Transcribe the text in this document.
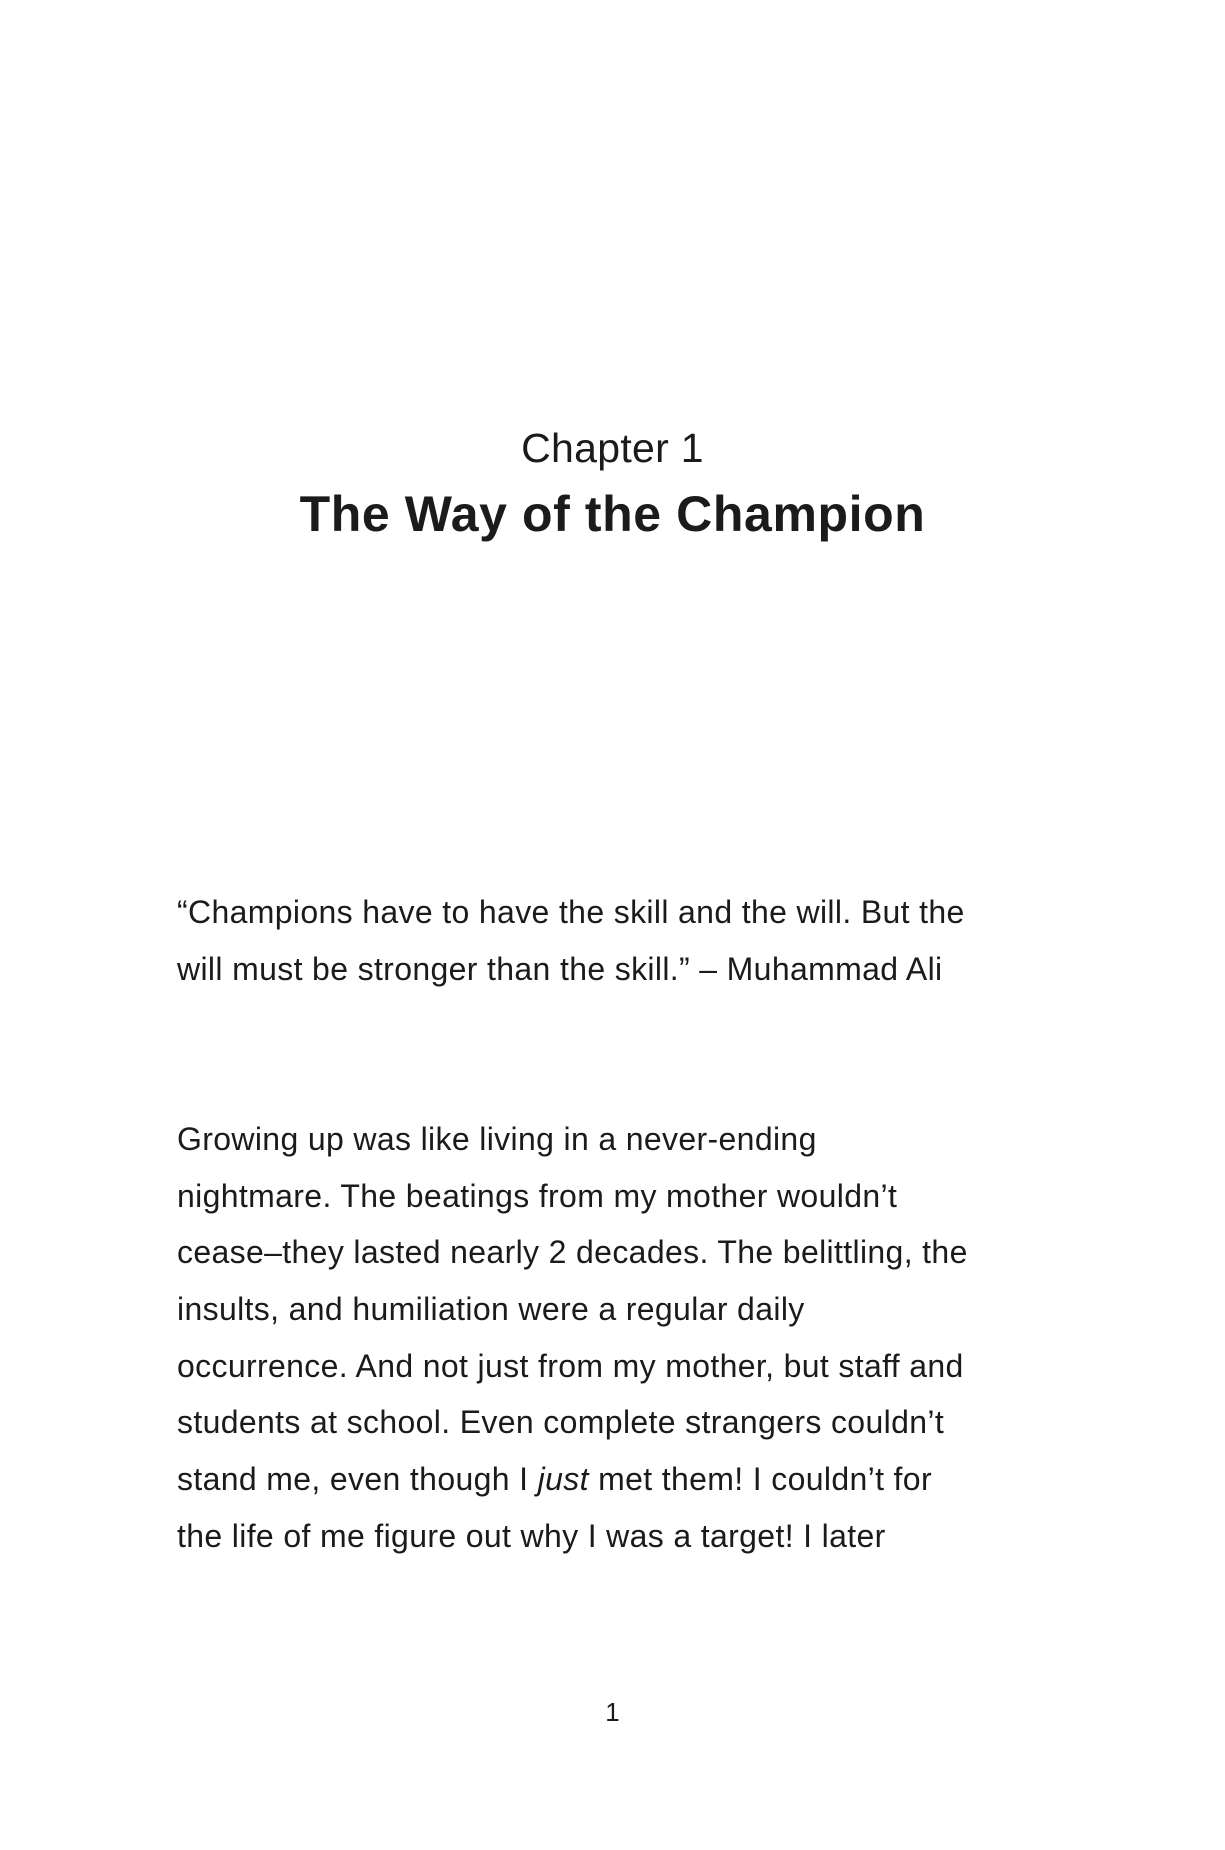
Chapter 1
The Way of the Champion
“Champions have to have the skill and the will. But the
will must be stronger than the skill.” – Muhammad Ali
Growing up was like living in a never-ending
nightmare. The beatings from my mother wouldn’t
cease–they lasted nearly 2 decades. The belittling, the
insults, and humiliation were a regular daily
occurrence. And not just from my mother, but staff and
students at school. Even complete strangers couldn’t
stand me, even though I just met them! I couldn’t for
the life of me figure out why I was a target! I later
1
